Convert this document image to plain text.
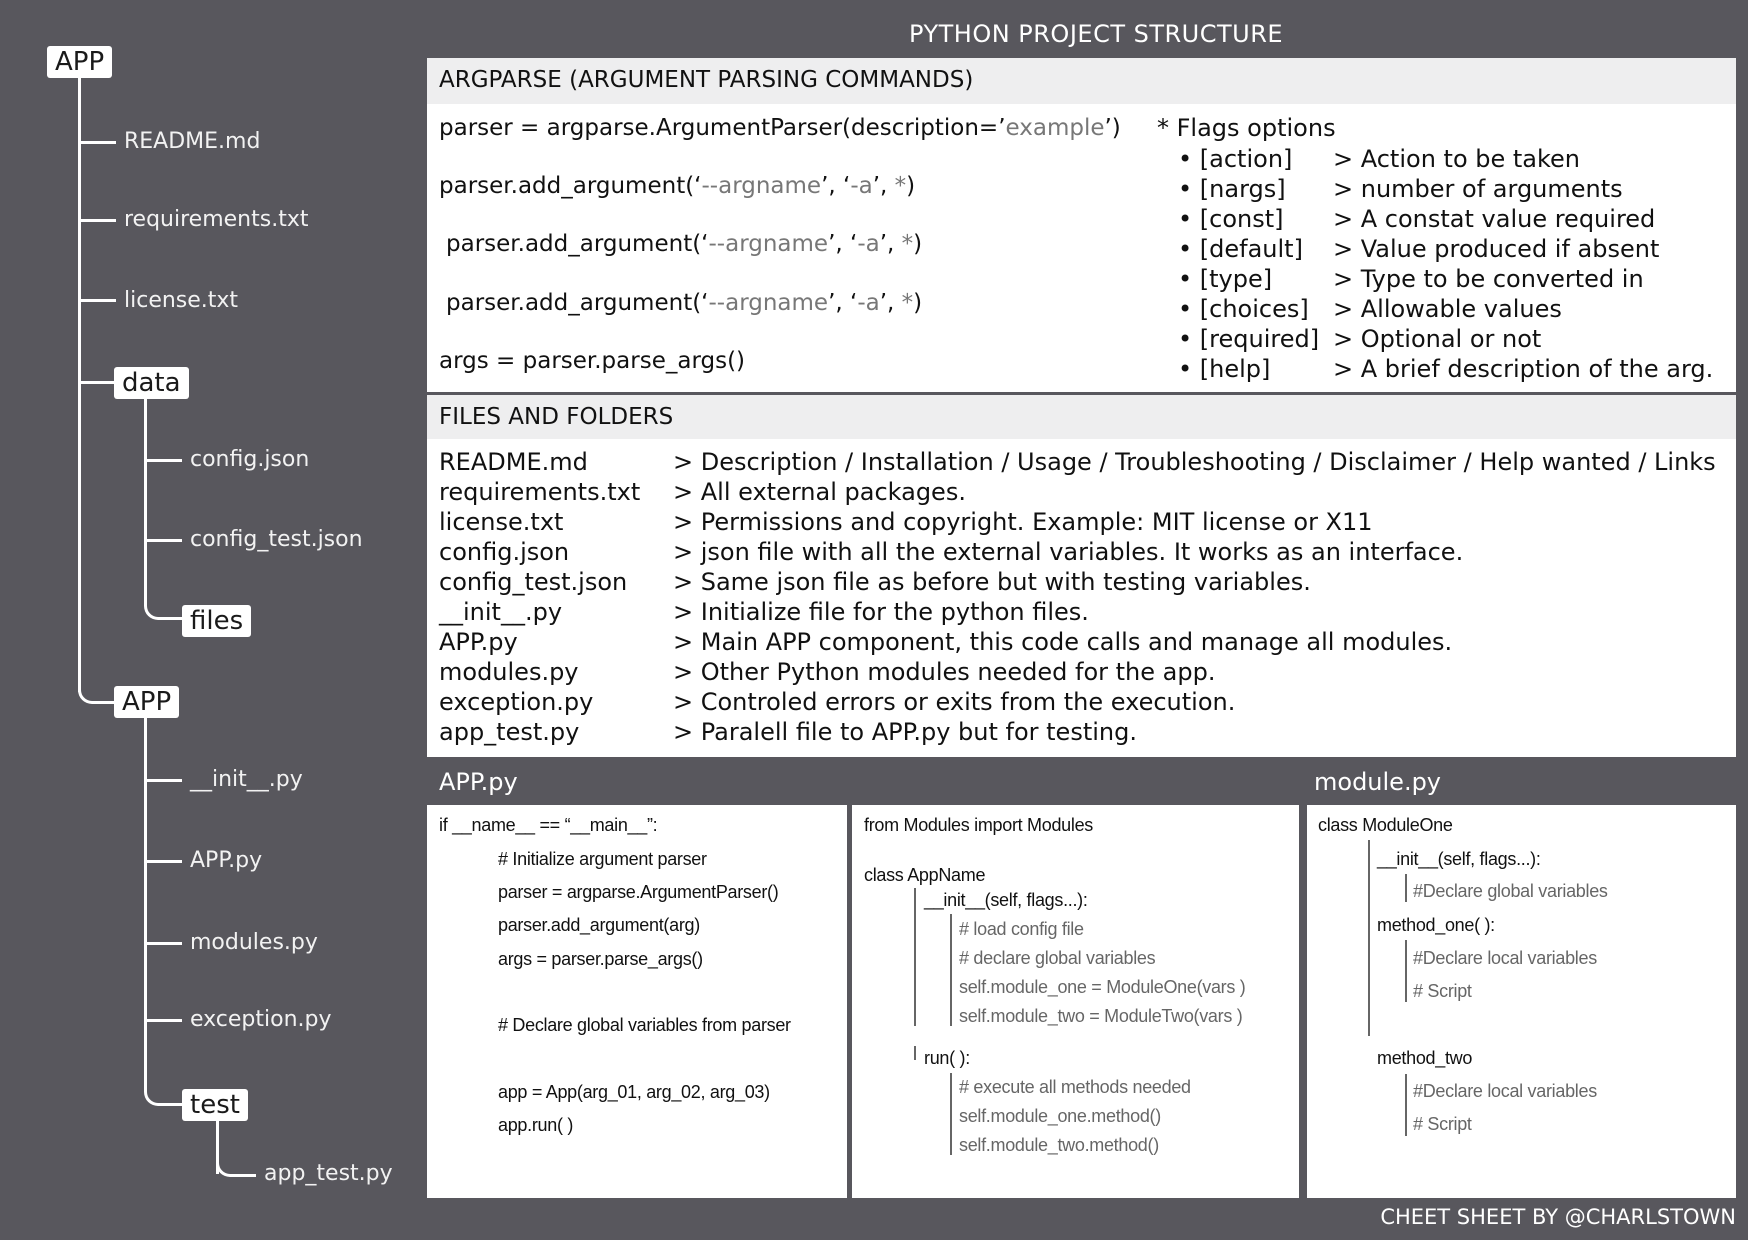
PYTHON PROJECT STRUCTURE
APP
README.md
requirements.txt
license.txt
data
config.json
config_test.json
files
APP
__init__.py
APP.py
modules.py
exception.py
test
app_test.py
ARGPARSE (ARGUMENT PARSING COMMANDS)
parser = argparse.ArgumentParser(description=’example’)
parser.add_argument(‘--argname’, ‘-a’, *)
parser.add_argument(‘--argname’, ‘-a’, *)
parser.add_argument(‘--argname’, ‘-a’, *)
args = parser.parse_args()
* Flags options
• [action] > Action to be taken
• [nargs] > number of arguments
• [const] > A constat value required
• [default] > Value produced if absent
• [type]	> Type to be converted in
• [choices] > Allowable values
• [required] > Optional or not
• [help]	> A brief description of the arg.
FILES AND FOLDERS
README.md	> Description / Installation / Usage / Troubleshooting / Disclaimer / Help wanted / Links
requirements.txt > All external packages.
license.txt	> Permissions and copyright. Example: MIT license or X11
config.json	> json file with all the external variables. It works as an interface.
config_test.json > Same json file as before but with testing variables.
__init__.py	> Initialize file for the python files.
APP.py	> Main APP component, this code calls and manage all modules.
modules.py	> Other Python modules needed for the app.
exception.py	> Controled errors or exits from the execution.
app_test.py	> Paralell file to APP.py but for testing.
APP.py	module.py
if __name__ == “__main__”:
# Initialize argument parser
parser = argparse.ArgumentParser()
parser.add_argument(arg)
args = parser.parse_args()
# Declare global variables from parser
app = App(arg_01, arg_02, arg_03)
app.run( )
from Modules import Modules
class AppName
__init__(self, flags...):
# load config file
# declare global variables
self.module_one = ModuleOne(vars )
self.module_two = ModuleTwo(vars )
run( ):
# execute all methods needed
self.module_one.method()
self.module_two.method()
class ModuleOne
__init__(self, flags...):
#Declare global variables
method_one( ):
#Declare local variables
# Script
method_two
#Declare local variables
# Script
CHEET SHEET BY @CHARLSTOWN
